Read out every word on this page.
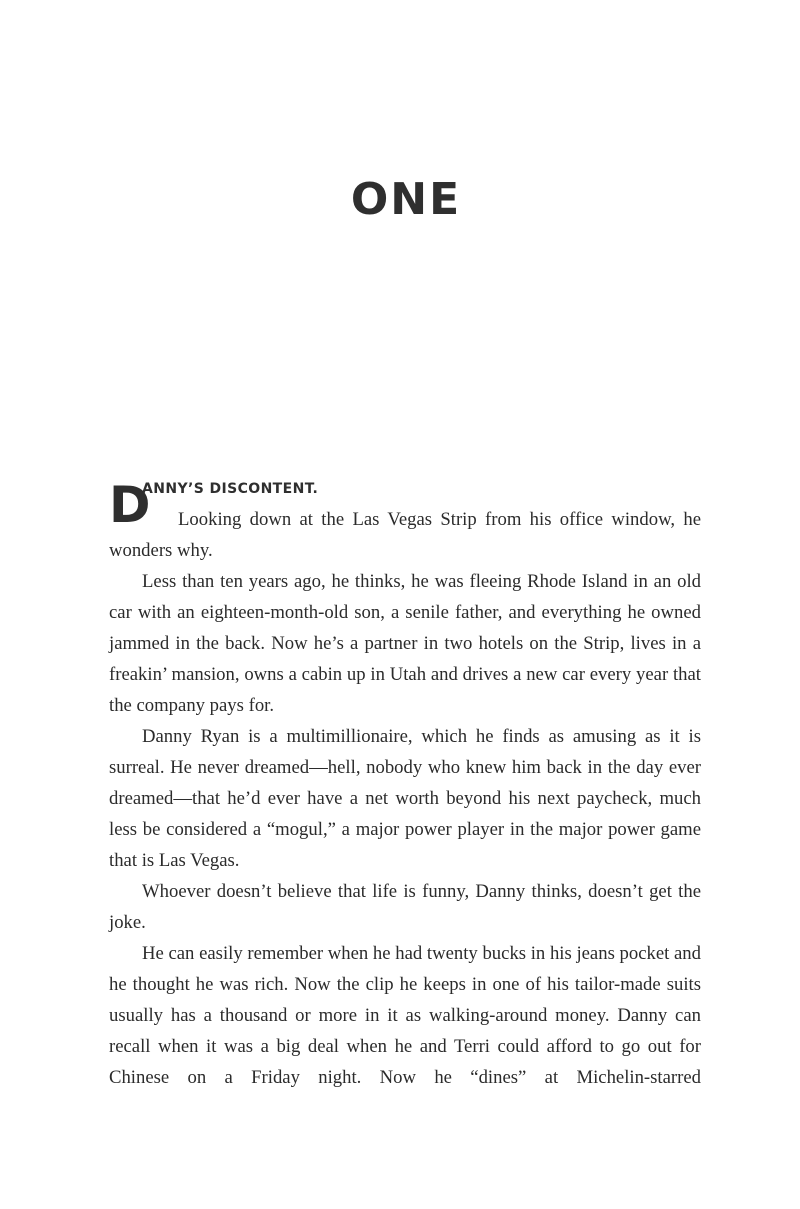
ONE
D
ANNY’S DISCONTENT.

Looking down at the Las Vegas Strip from his office window, he wonders why.

Less than ten years ago, he thinks, he was fleeing Rhode Island in an old car with an eighteen-month-old son, a senile father, and everything he owned jammed in the back. Now he’s a partner in two hotels on the Strip, lives in a freakin’ mansion, owns a cabin up in Utah and drives a new car every year that the company pays for.

Danny Ryan is a multimillionaire, which he finds as amusing as it is surreal. He never dreamed—hell, nobody who knew him back in the day ever dreamed—that he’d ever have a net worth beyond his next paycheck, much less be considered a “mogul,” a major power player in the major power game that is Las Vegas.

Whoever doesn’t believe that life is funny, Danny thinks, doesn’t get the joke.

He can easily remember when he had twenty bucks in his jeans pocket and he thought he was rich. Now the clip he keeps in one of his tailor-made suits usually has a thousand or more in it as walking-around money. Danny can recall when it was a big deal when he and Terri could afford to go out for Chinese on a Friday night. Now he “dines” at Michelin-starred
